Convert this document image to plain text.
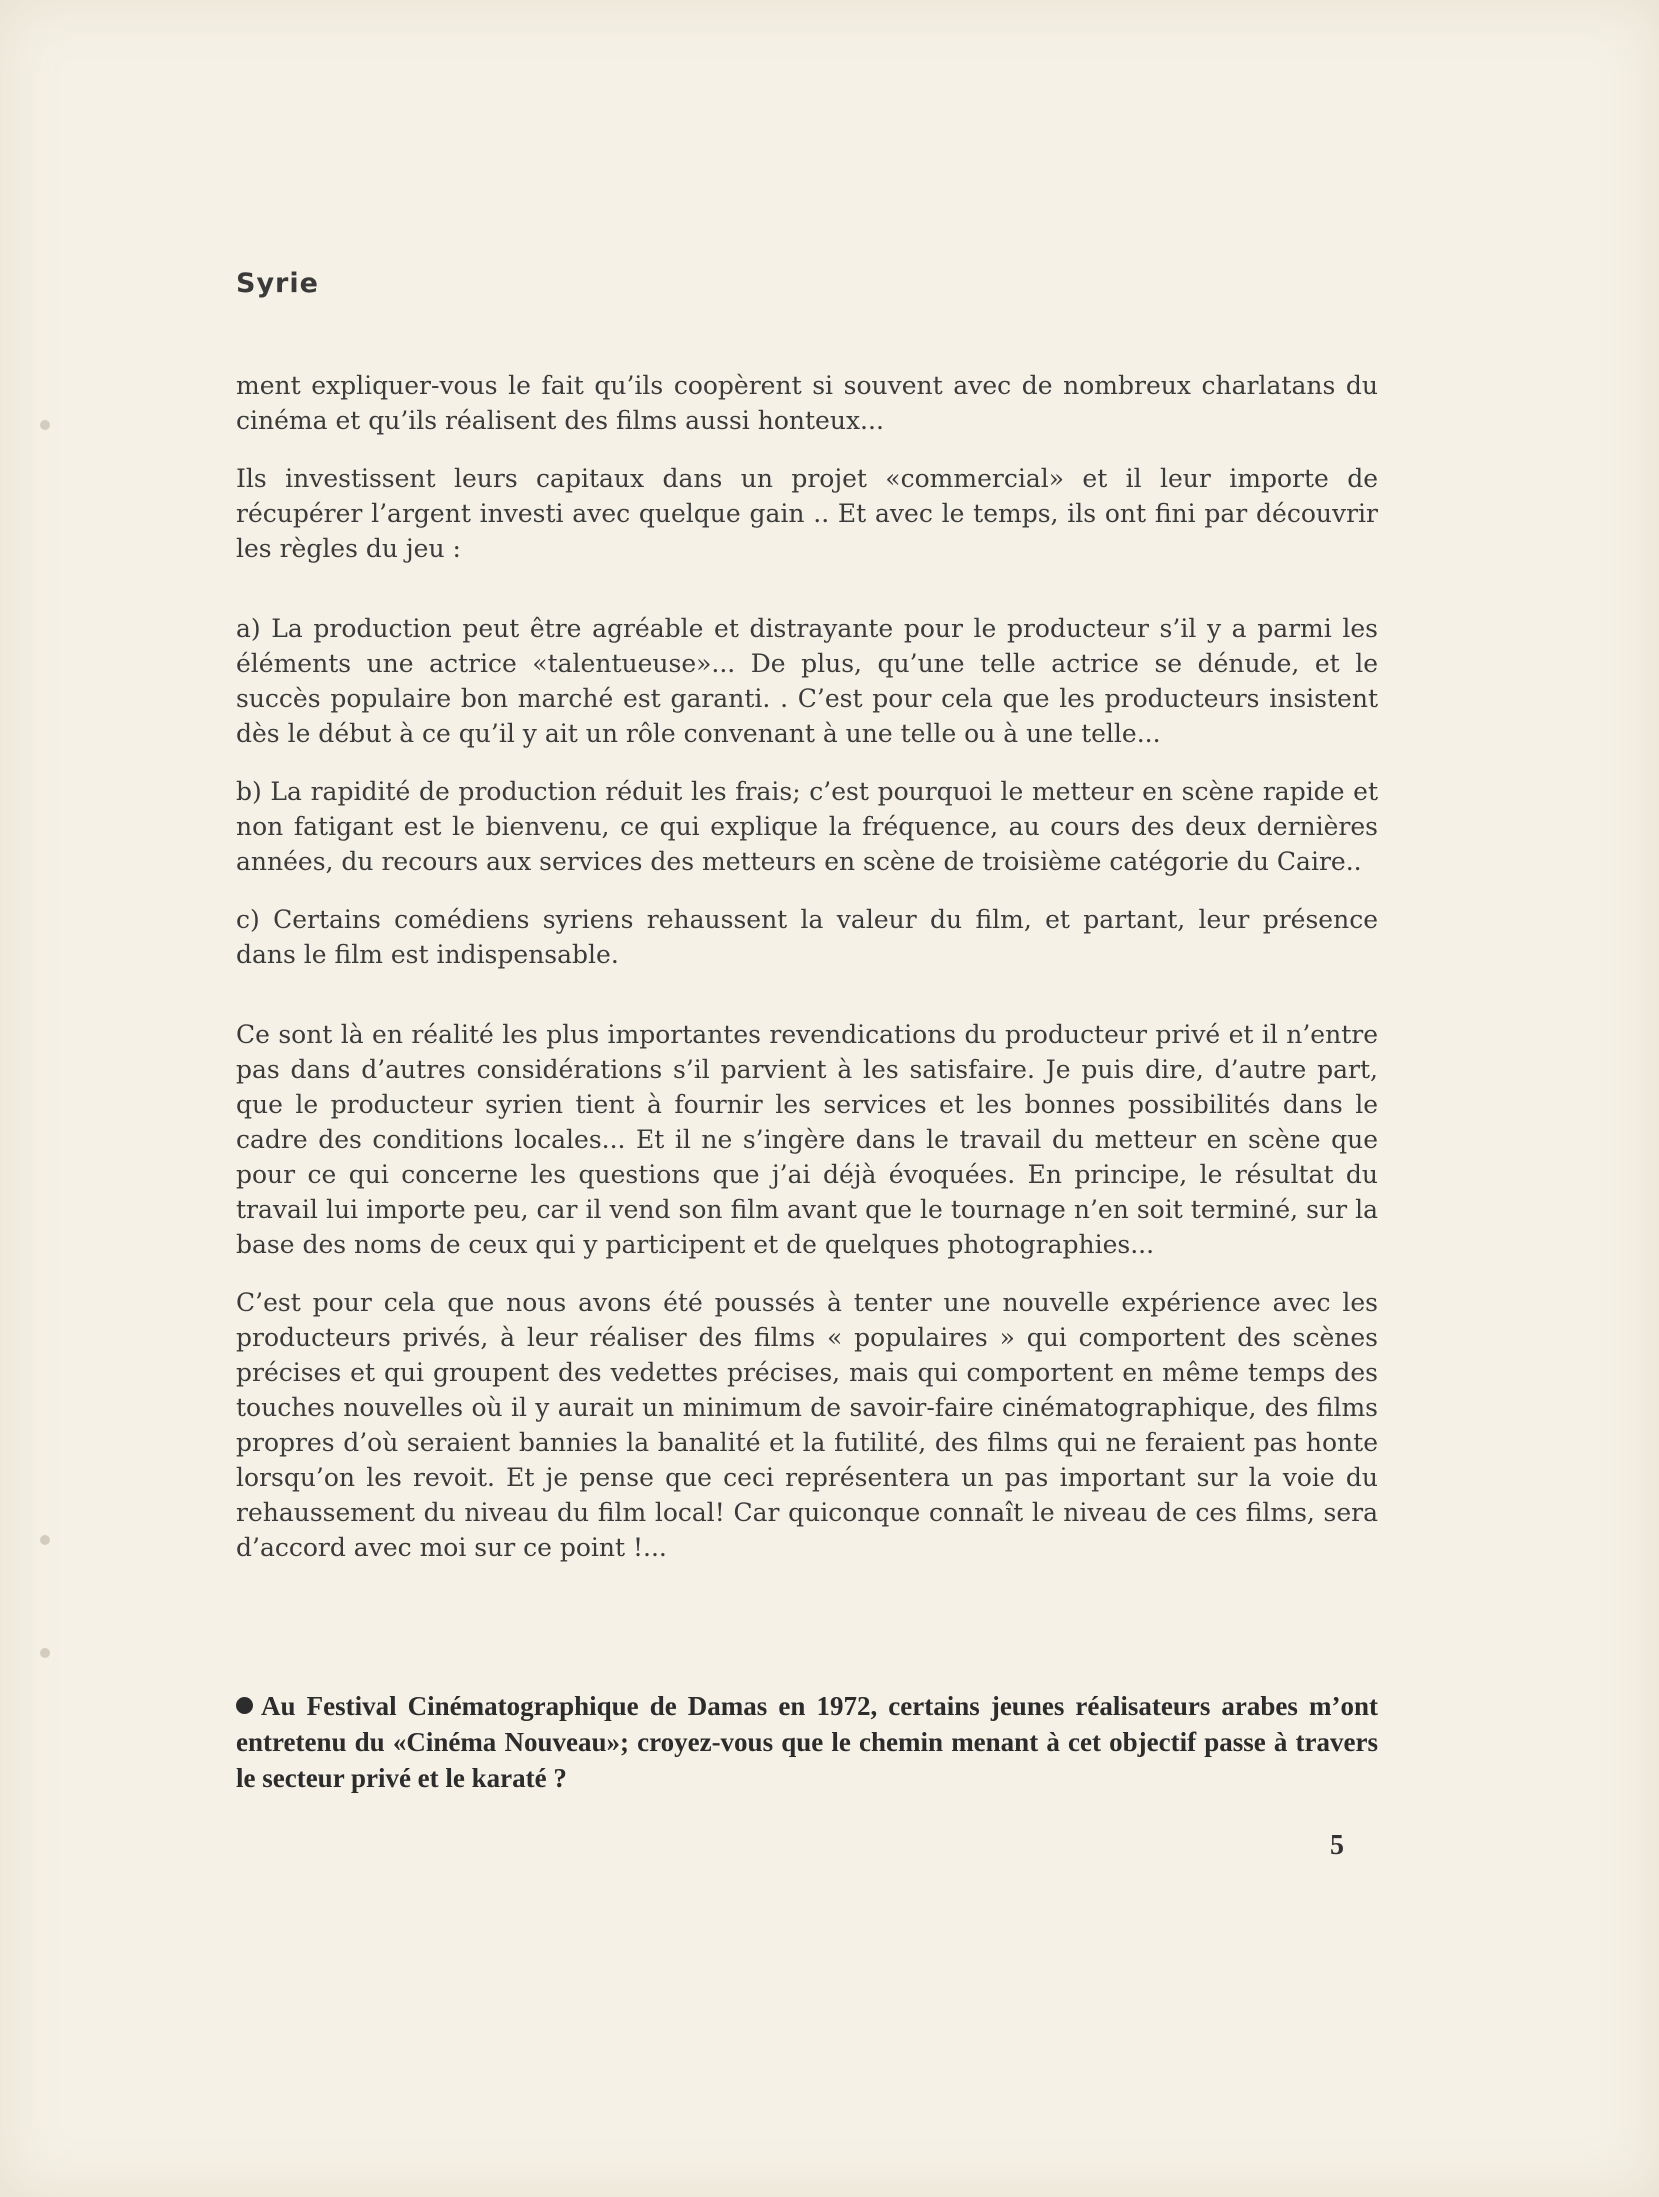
Syrie

ment expliquer-vous le fait qu’ils coopèrent si souvent avec de nombreux charlatans du cinéma et qu’ils réalisent des films aussi honteux...

Ils investissent leurs capitaux dans un projet «commercial» et il leur importe de récupérer l’argent investi avec quelque gain .. Et avec le temps, ils ont fini par découvrir les règles du jeu :

a) La production peut être agréable et distrayante pour le producteur s’il y a parmi les éléments une actrice «talentueuse»... De plus, qu’une telle actrice se dénude, et le succès populaire bon marché est garanti. . C’est pour cela que les producteurs insistent dès le début à ce qu’il y ait un rôle convenant à une telle ou à une telle...

b) La rapidité de production réduit les frais; c’est pourquoi le metteur en scène rapide et non fatigant est le bienvenu, ce qui explique la fréquence, au cours des deux dernières années, du recours aux services des metteurs en scène de troisième catégorie du Caire..

c) Certains comédiens syriens rehaussent la valeur du film, et partant, leur présence dans le film est indispensable.

Ce sont là en réalité les plus importantes revendications du producteur privé et il n’entre pas dans d’autres considérations s’il parvient à les satisfaire. Je puis dire, d’autre part, que le producteur syrien tient à fournir les services et les bonnes possibilités dans le cadre des conditions locales... Et il ne s’ingère dans le travail du metteur en scène que pour ce qui concerne les questions que j’ai déjà évoquées. En principe, le résultat du travail lui importe peu, car il vend son film avant que le tournage n’en soit terminé, sur la base des noms de ceux qui y participent et de quelques photographies...

C’est pour cela que nous avons été poussés à tenter une nouvelle expérience avec les producteurs privés, à leur réaliser des films « populaires » qui comportent des scènes précises et qui groupent des vedettes précises, mais qui comportent en même temps des touches nouvelles où il y aurait un minimum de savoir-faire cinématographique, des films propres d’où seraient bannies la banalité et la futilité, des films qui ne feraient pas honte lorsqu’on les revoit. Et je pense que ceci représentera un pas important sur la voie du rehaussement du niveau du film local! Car quiconque connaît le niveau de ces films, sera d’accord avec moi sur ce point !...

Au Festival Cinématographique de Damas en 1972, certains jeunes réalisateurs arabes m’ont entretenu du «Cinéma Nouveau»; croyez-vous que le chemin menant à cet objectif passe à travers le secteur privé et le karaté ?

5
